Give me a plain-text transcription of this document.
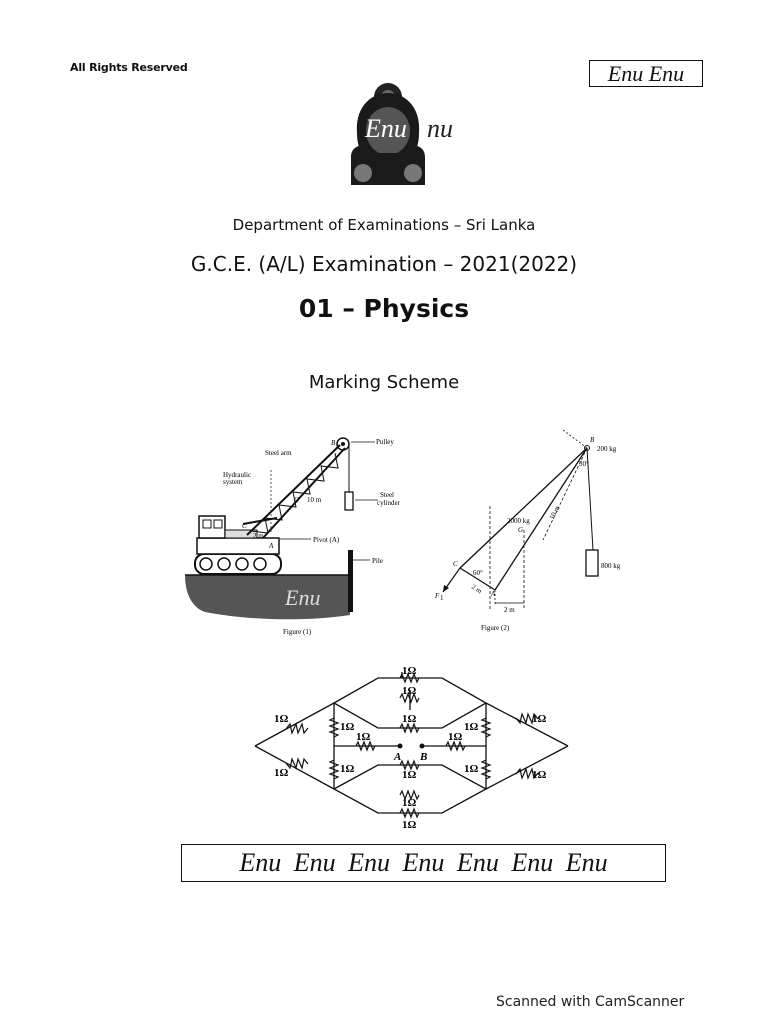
All Rights Reserved	Enu Enu
Enu nu
Department of Examinations – Sri Lanka
G.C.E. (A/L) Examination – 2021(2022)
01 – Physics
Marking Scheme
Enu
Pulley
Steel arm
Hydraulic
system
Steel
cylinder
Pivot (A)
Pile
B
C
G 10 m
2 m
A
Figure (1)
B
200 kg
30°
2000 kg
G
10 m
800 kg
C
60°
2 m A
2 m
F 1
Figure (2)
1Ω
1Ω
1Ω
1Ω
1Ω
1Ω
1Ω	1Ω
1Ω
1Ω
1Ω
1Ω
1Ω
1Ω
1Ω
1Ω
A B
Enu Enu Enu Enu Enu Enu Enu
Scanned with CamScanner
